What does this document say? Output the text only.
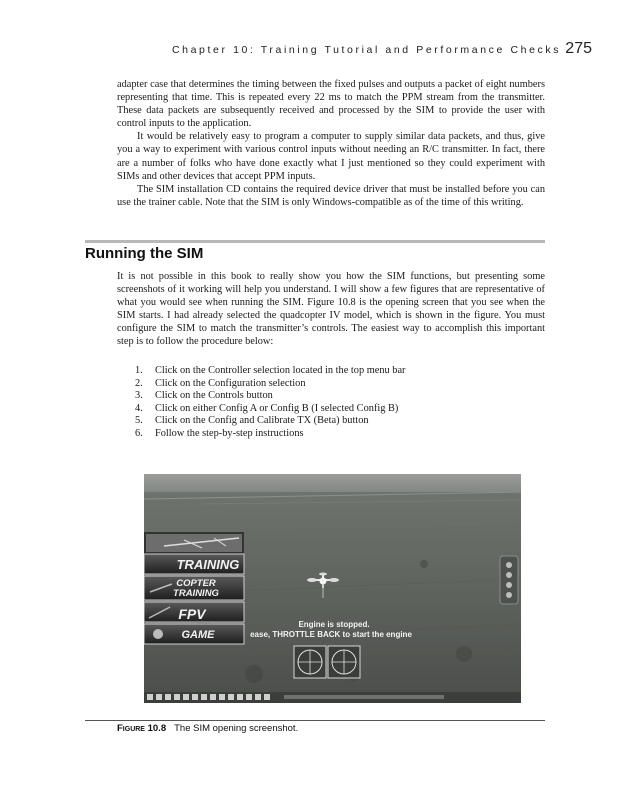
Chapter 10: Training Tutorial and Performance Checks 275

adapter case that determines the timing between the fixed pulses and outputs a packet of eight numbers representing that time. This is repeated every 22 ms to match the PPM stream from the transmitter. These data packets are subsequently received and processed by the SIM to provide the user with control inputs to the application.

It would be relatively easy to program a computer to supply similar data packets, and thus, give you a way to experiment with various control inputs without needing an R/C transmitter. In fact, there are a number of folks who have done exactly what I just mentioned so they could experiment with SIMs and other devices that accept PPM inputs.

The SIM installation CD contains the required device driver that must be installed before you can use the trainer cable. Note that the SIM is only Windows-compatible as of the time of this writing.

Running the SIM

It is not possible in this book to really show you how the SIM functions, but presenting some screenshots of it working will help you understand. I will show a few figures that are representative of what you would see when running the SIM. Figure 10.8 is the opening screen that you see when the SIM starts. I had already selected the quadcopter IV model, which is shown in the figure. You must configure the SIM to match the transmitter’s controls. The easiest way to accomplish this important step is to follow the procedure below:

1. Click on the Controller selection located in the top menu bar
2. Click on the Configuration selection
3. Click on the Controls button
4. Click on either Config A or Config B (I selected Config B)
5. Click on the Config and Calibrate TX (Beta) button
6. Follow the step-by-step instructions
TRAINING
COPTER
TRAINING
FPV
GAME
Engine is stopped.
ease, THROTTLE BACK to start the engine
Figure 10.8 The SIM opening screenshot.
